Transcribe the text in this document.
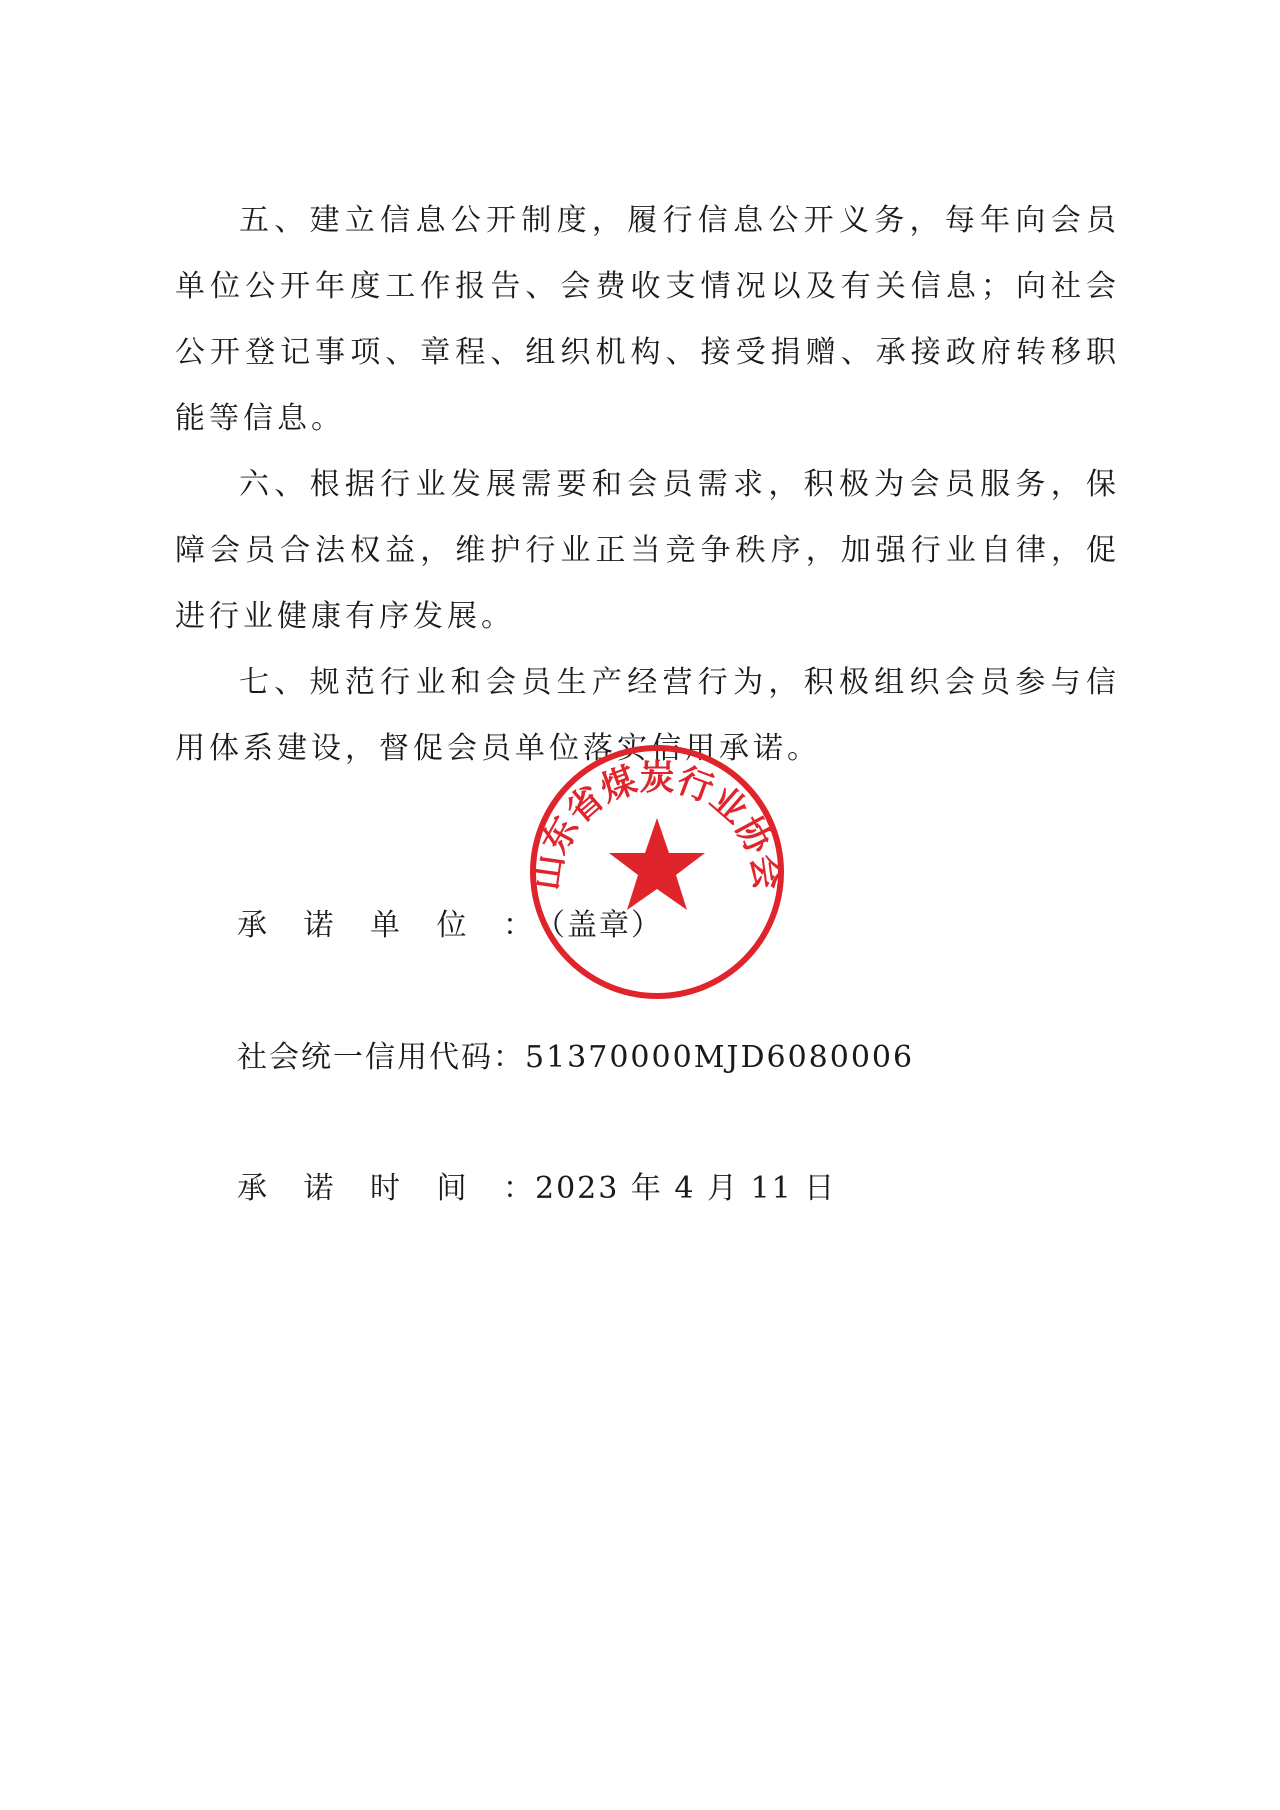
五、建立信息公开制度，履行信息公开义务，每年向会员单位公开年度工作报告、会费收支情况以及有关信息；向社会公开登记事项、章程、组织机构、接受捐赠、承接政府转移职能等信息。

六、根据行业发展需要和会员需求，积极为会员服务，保障会员合法权益，维护行业正当竞争秩序，加强行业自律，促进行业健康有序发展。

七、规范行业和会员生产经营行为，积极组织会员参与信用体系建设，督促会员单位落实信用承诺。

承诺单位：（盖章）
社会统一信用代码：51370000MJD6080006
承诺时间：2023 年 4 月 11 日
山东省煤炭行业协会
